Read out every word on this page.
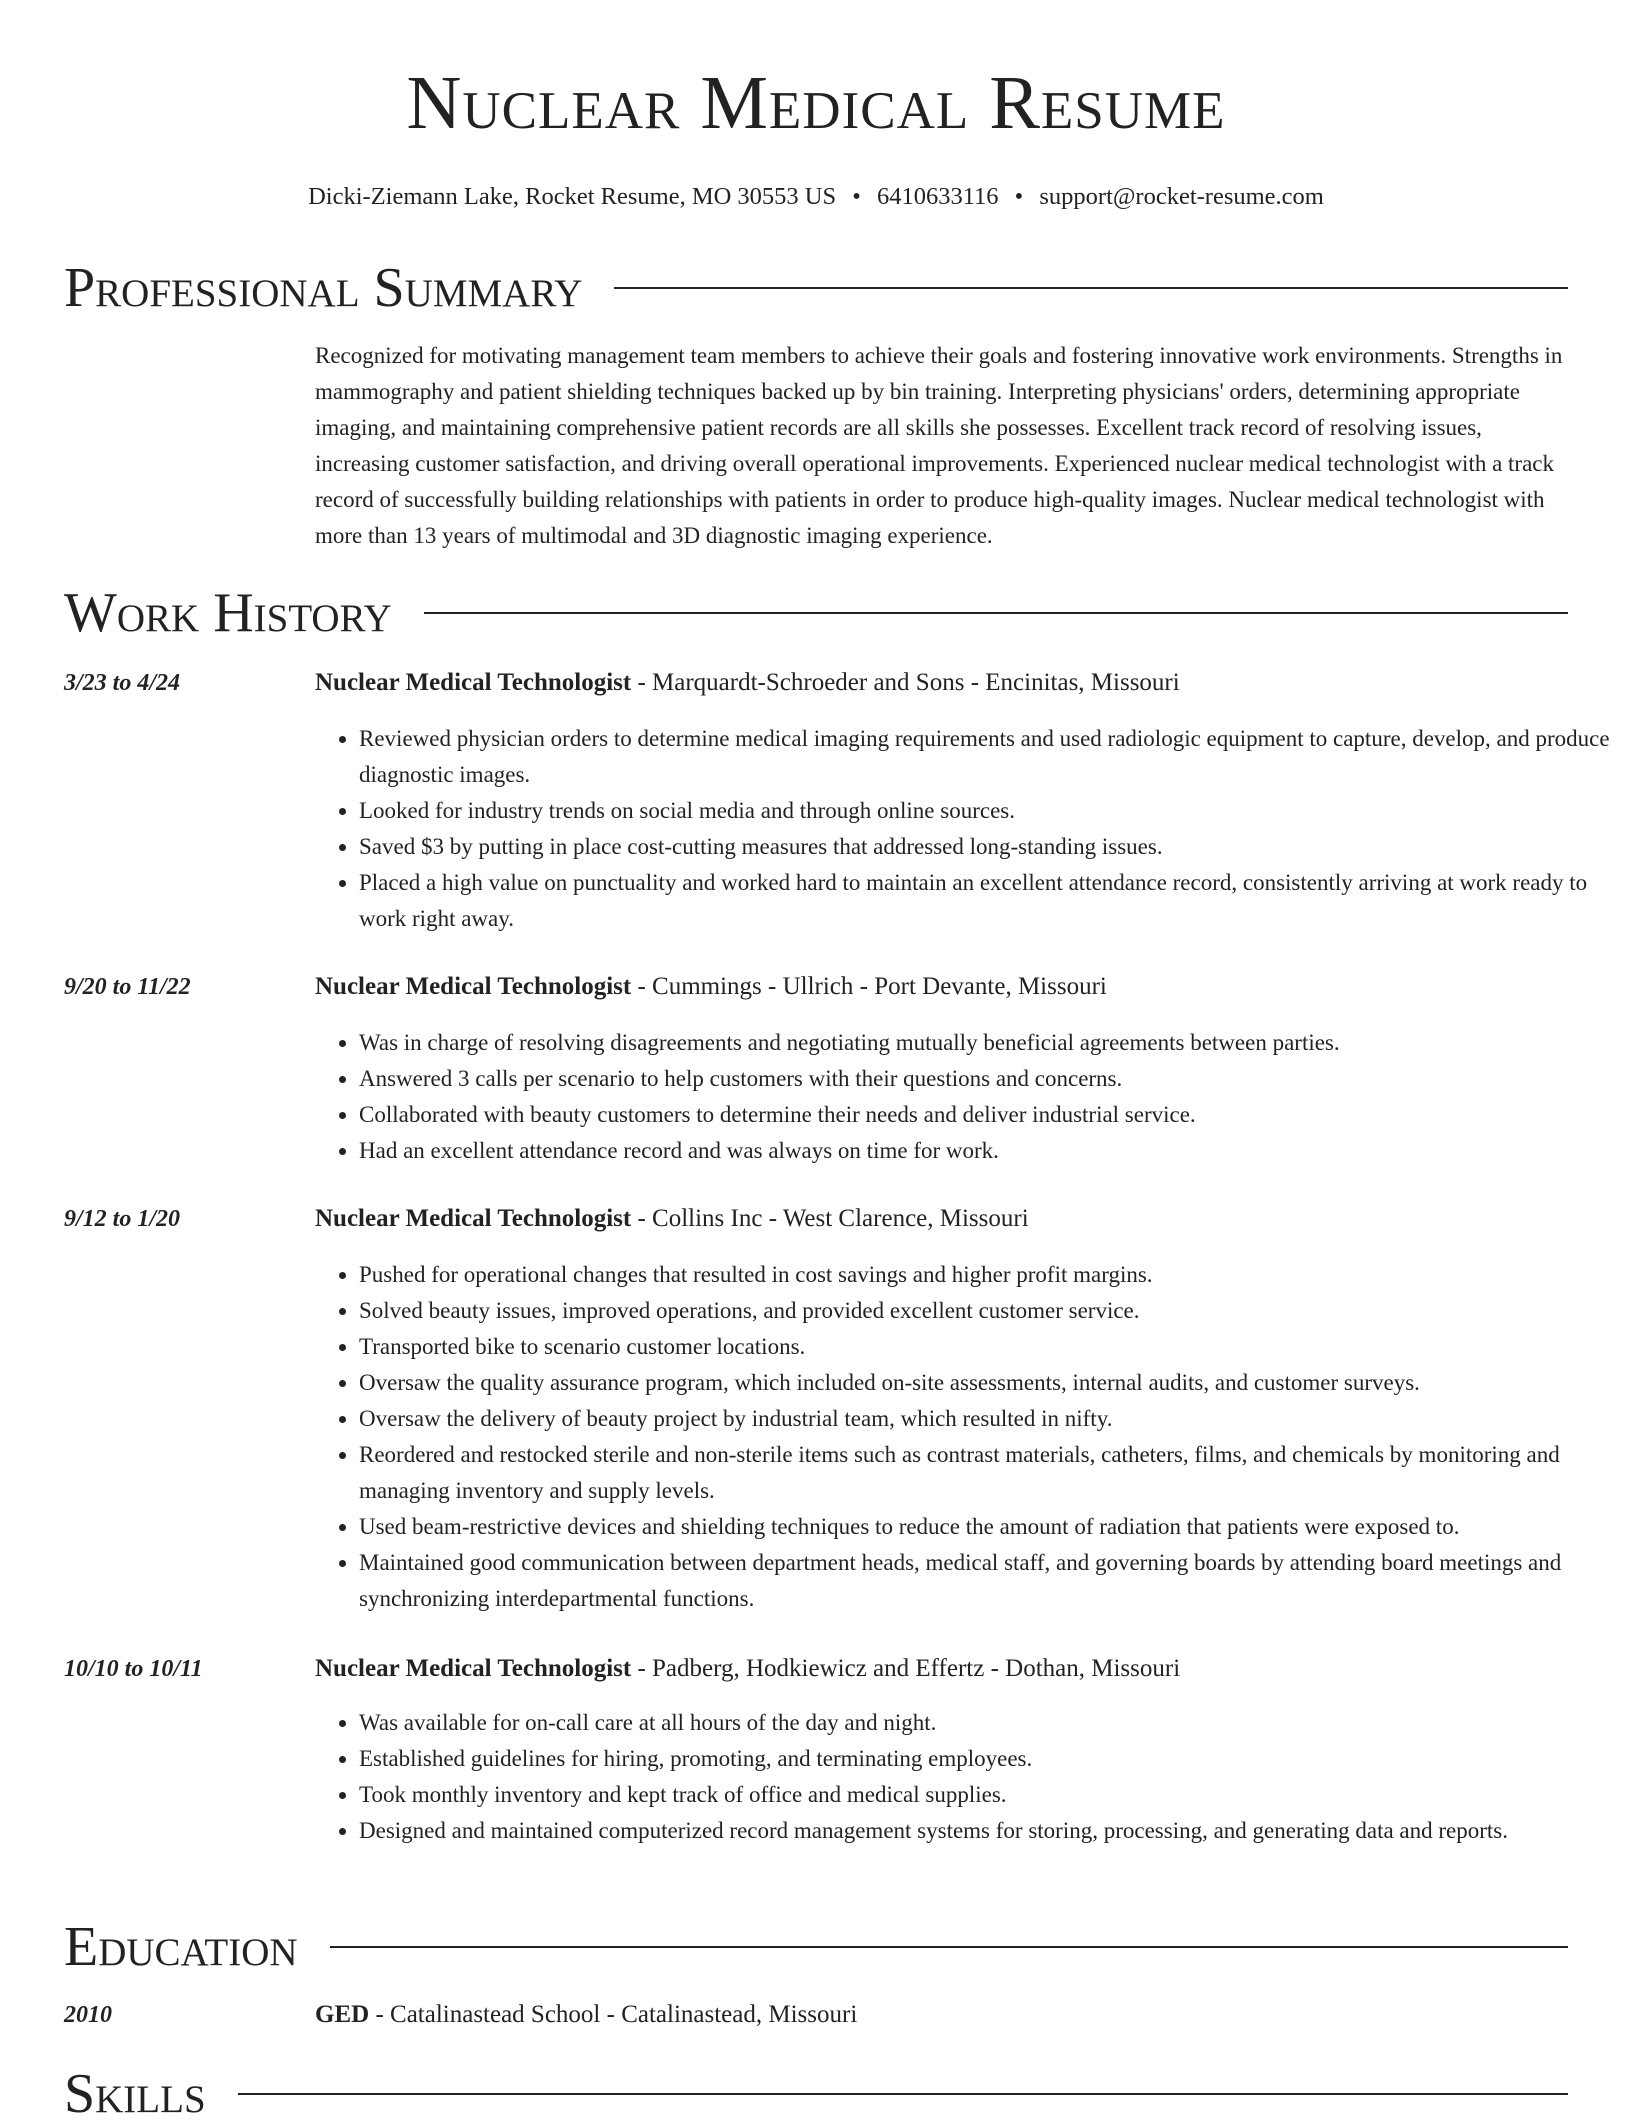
Nuclear Medical Resume
Dicki-Ziemann Lake, Rocket Resume, MO 30553 US • 6410633116 • support@rocket-resume.com
Professional Summary
Recognized for motivating management team members to achieve their goals and fostering innovative work environments. Strengths in mammography and patient shielding techniques backed up by bin training. Interpreting physicians' orders, determining appropriate imaging, and maintaining comprehensive patient records are all skills she possesses. Excellent track record of resolving issues, increasing customer satisfaction, and driving overall operational improvements. Experienced nuclear medical technologist with a track record of successfully building relationships with patients in order to produce high-quality images. Nuclear medical technologist with more than 13 years of multimodal and 3D diagnostic imaging experience.
Work History
3/23 to 4/24	Nuclear Medical Technologist - Marquardt-Schroeder and Sons - Encinitas, Missouri
• Reviewed physician orders to determine medical imaging requirements and used radiologic equipment to capture, develop, and produce diagnostic images.
• Looked for industry trends on social media and through online sources.
• Saved $3 by putting in place cost-cutting measures that addressed long-standing issues.
• Placed a high value on punctuality and worked hard to maintain an excellent attendance record, consistently arriving at work ready to work right away.
9/20 to 11/22	Nuclear Medical Technologist - Cummings - Ullrich - Port Devante, Missouri
• Was in charge of resolving disagreements and negotiating mutually beneficial agreements between parties.
• Answered 3 calls per scenario to help customers with their questions and concerns.
• Collaborated with beauty customers to determine their needs and deliver industrial service.
• Had an excellent attendance record and was always on time for work.
9/12 to 1/20	Nuclear Medical Technologist - Collins Inc - West Clarence, Missouri
• Pushed for operational changes that resulted in cost savings and higher profit margins.
• Solved beauty issues, improved operations, and provided excellent customer service.
• Transported bike to scenario customer locations.
• Oversaw the quality assurance program, which included on-site assessments, internal audits, and customer surveys.
• Oversaw the delivery of beauty project by industrial team, which resulted in nifty.
• Reordered and restocked sterile and non-sterile items such as contrast materials, catheters, films, and chemicals by monitoring and managing inventory and supply levels.
• Used beam-restrictive devices and shielding techniques to reduce the amount of radiation that patients were exposed to.
• Maintained good communication between department heads, medical staff, and governing boards by attending board meetings and synchronizing interdepartmental functions.
10/10 to 10/11	Nuclear Medical Technologist - Padberg, Hodkiewicz and Effertz - Dothan, Missouri
• Was available for on-call care at all hours of the day and night.
• Established guidelines for hiring, promoting, and terminating employees.
• Took monthly inventory and kept track of office and medical supplies.
• Designed and maintained computerized record management systems for storing, processing, and generating data and reports.
Education
2010	GED - Catalinastead School - Catalinastead, Missouri
Skills
